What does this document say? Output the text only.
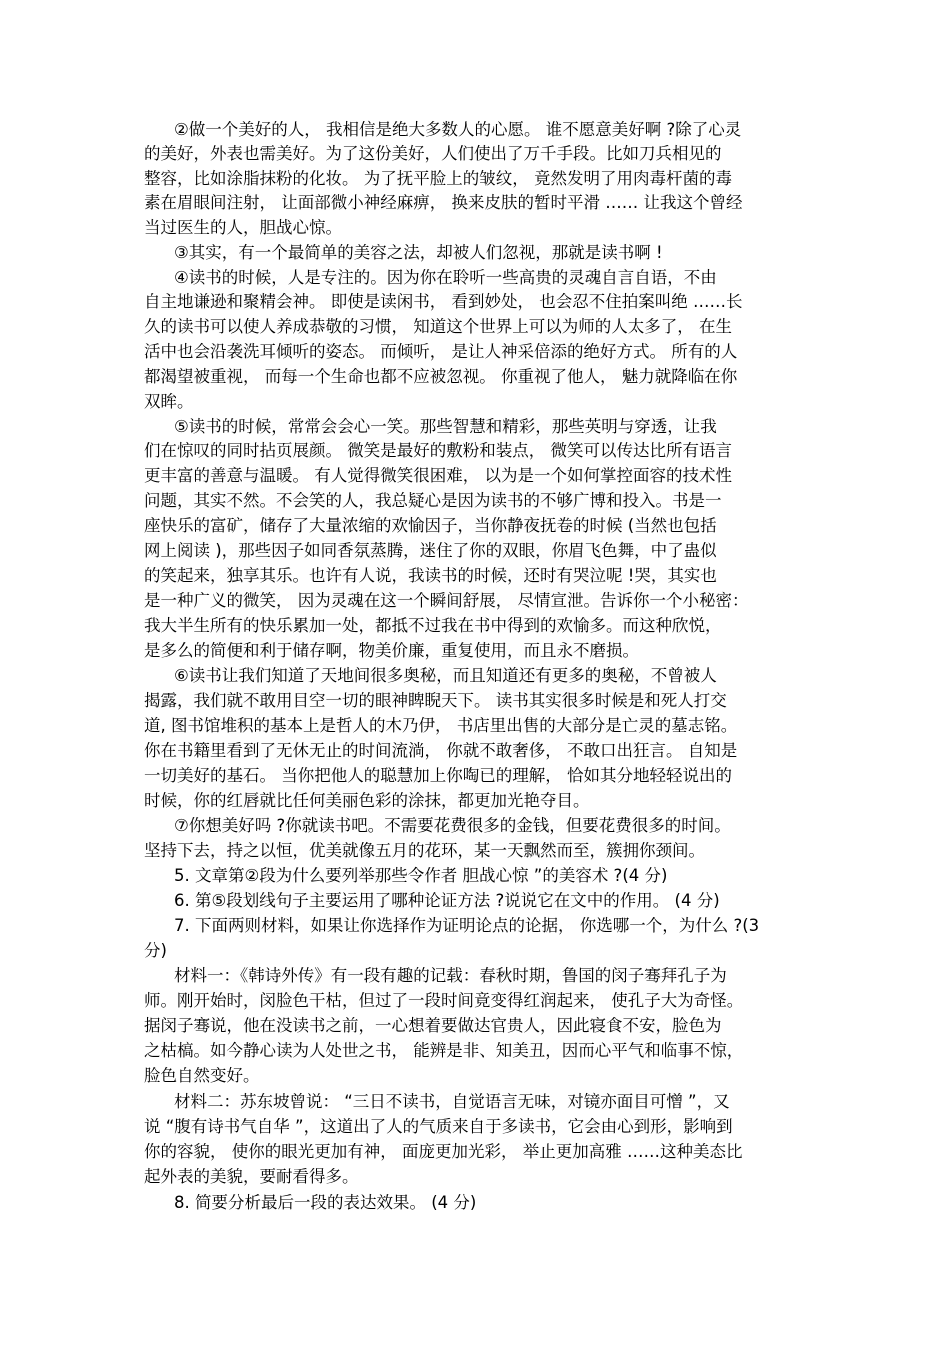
②做一个美好的人， 我相信是绝大多数人的心愿。 谁不愿意美好啊 ?除了心灵
的美好，外表也需美好。为了这份美好，人们使出了万千手段。比如刀兵相见的
整容，比如涂脂抹粉的化妆。 为了抚平脸上的皱纹， 竟然发明了用肉毒杆菌的毒
素在眉眼间注射， 让面部微小神经麻痹， 换来皮肤的暂时平滑 …… 让我这个曾经
当过医生的人，胆战心惊。
③其实，有一个最简单的美容之法，却被人们忽视，那就是读书啊 !
④读书的时候，人是专注的。因为你在聆听一些高贵的灵魂自言自语，不由
自主地谦逊和聚精会神。 即使是读闲书， 看到妙处， 也会忍不住拍案叫绝 ……长
久的读书可以使人养成恭敬的习惯， 知道这个世界上可以为师的人太多了， 在生
活中也会沿袭洗耳倾听的姿态。 而倾听， 是让人神采倍添的绝好方式。 所有的人
都渴望被重视， 而每一个生命也都不应被忽视。 你重视了他人， 魅力就降临在你
双眸。
⑤读书的时候，常常会会心一笑。那些智慧和精彩，那些英明与穿透，让我
们在惊叹的同时拈页展颜。 微笑是最好的敷粉和装点， 微笑可以传达比所有语言
更丰富的善意与温暖。 有人觉得微笑很困难， 以为是一个如何掌控面容的技术性
问题，其实不然。不会笑的人，我总疑心是因为读书的不够广博和投入。书是一
座快乐的富矿，储存了大量浓缩的欢愉因子，当你静夜抚卷的时候 (当然也包括
网上阅读 )，那些因子如同香氛蒸腾，迷住了你的双眼，你眉飞色舞，中了蛊似
的笑起来，独享其乐。也许有人说，我读书的时候，还时有哭泣呢 !哭，其实也
是一种广义的微笑， 因为灵魂在这一个瞬间舒展， 尽情宣泄。告诉你一个小秘密：
我大半生所有的快乐累加一处，都抵不过我在书中得到的欢愉多。而这种欣悦，
是多么的简便和利于储存啊，物美价廉，重复使用，而且永不磨损。
⑥读书让我们知道了天地间很多奥秘，而且知道还有更多的奥秘，不曾被人
揭露，我们就不敢用目空一切的眼神睥睨天下。 读书其实很多时候是和死人打交
道, 图书馆堆积的基本上是哲人的木乃伊， 书店里出售的大部分是亡灵的墓志铭。
你在书籍里看到了无休无止的时间流淌， 你就不敢奢侈， 不敢口出狂言。 自知是
一切美好的基石。 当你把他人的聪慧加上你啕已的理解， 恰如其分地轻轻说出的
时候，你的红唇就比任何美丽色彩的涂抹，都更加光艳夺目。
⑦你想美好吗 ?你就读书吧。不需要花费很多的金钱，但要花费很多的时间。
坚持下去，持之以恒，优美就像五月的花环，某一天飘然而至，簇拥你颈间。
5. 文章第②段为什么要列举那些令作者 胆战心惊 ”的美容术 ?(4 分)
6. 第⑤段划线句子主要运用了哪种论证方法 ?说说它在文中的作用。 (4 分)
7. 下面两则材料，如果让你选择作为证明论点的论据， 你选哪一个，为什么 ?(3
分)
材料一：《韩诗外传》有一段有趣的记载：春秋时期，鲁国的闵子骞拜孔子为
师。刚开始时，闵脸色干枯，但过了一段时间竟变得红润起来， 使孔子大为奇怪。
据闵子骞说，他在没读书之前，一心想着要做达官贵人，因此寝食不安，脸色为
之枯槁。如今静心读为人处世之书， 能辨是非、知美丑，因而心平气和临事不惊，
脸色自然变好。
材料二：苏东坡曾说： “三日不读书，自觉语言无味，对镜亦面目可憎 ”，又
说 “腹有诗书气自华 ”，这道出了人的气质来自于多读书，它会由心到形，影响到
你的容貌， 使你的眼光更加有神， 面庞更加光彩， 举止更加高雅 ……这种美态比
起外表的美貌，要耐看得多。
8. 简要分析最后一段的表达效果。 (4 分)
